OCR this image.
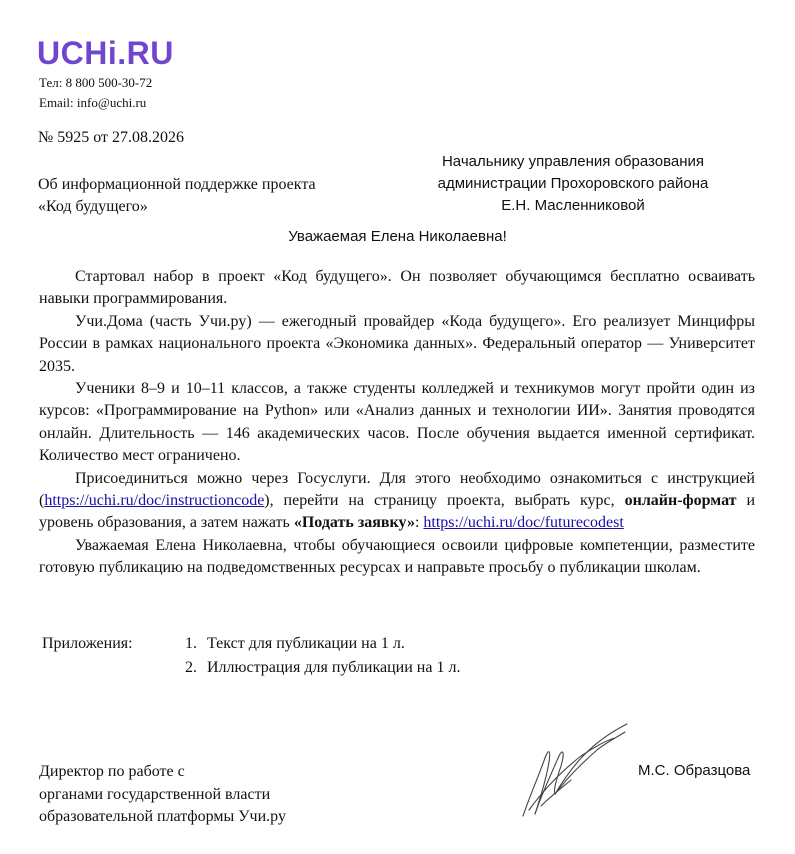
UCHi.RU
Тел: 8 800 500-30-72
Email: info@uchi.ru
№ 5925 от 27.08.2026
Об информационной поддержке проекта
«Код будущего»
Начальнику управления образования
администрации Прохоровского района
Е.Н. Масленниковой
Уважаемая Елена Николаевна!

Стартовал набор в проект «Код будущего». Он позволяет обучающимся бесплатно осваивать навыки программирования.

Учи.Дома (часть Учи.ру) — ежегодный провайдер «Кода будущего». Его реализует Минцифры России в рамках национального проекта «Экономика данных». Федеральный оператор — Университет 2035.

Ученики 8–9 и 10–11 классов, а также студенты колледжей и техникумов могут пройти один из курсов: «Программирование на Python» или «Анализ данных и технологии ИИ». Занятия проводятся онлайн. Длительность — 146 академических часов. После обучения выдается именной сертификат. Количество мест ограничено.

Присоединиться можно через Госуслуги. Для этого необходимо ознакомиться с инструкцией (https://uchi.ru/doc/instructioncode), перейти на страницу проекта, выбрать курс, онлайн-формат и уровень образования, а затем нажать «Подать заявку»: https://uchi.ru/doc/futurecodest

Уважаемая Елена Николаевна, чтобы обучающиеся освоили цифровые компетенции, разместите готовую публикацию на подведомственных ресурсах и направьте просьбу о публикации школам.

Приложения:	1. Текст для публикации на 1 л.
2. Иллюстрация для публикации на 1 л.
Директор по работе с
органами государственной власти
образовательной платформы Учи.ру
М.С. Образцова
